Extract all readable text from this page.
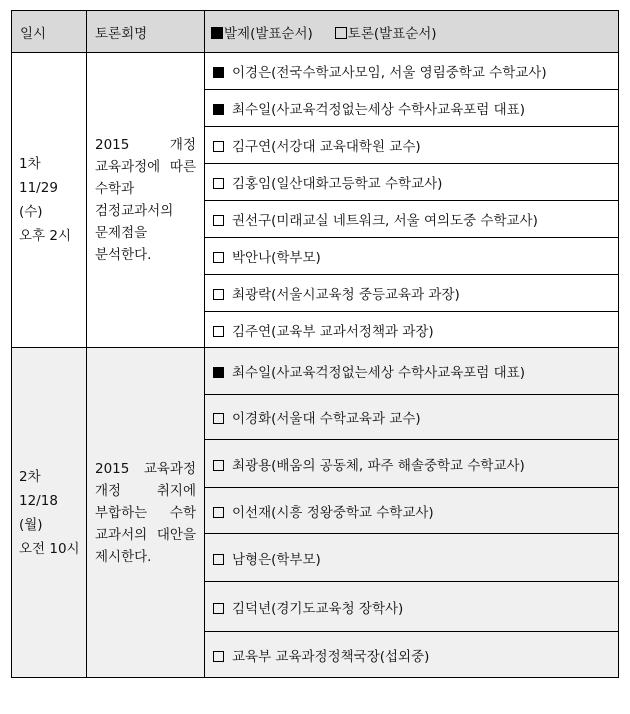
일시	토론회명	발제(발표순서) 토론(발표순서)

1차
11/29
(수)
오후 2시	2015 개정 교육과정에 따른 수학과 검정교과서의 문제점을 분석한다.	이경은(전국수학교사모임, 서울 영림중학교 수학교사)
		최수일(사교육걱정없는세상 수학사교육포럼 대표)
		김구연(서강대 교육대학원 교수)
		김홍임(일산대화고등학교 수학교사)
		권선구(미래교실 네트워크, 서울 여의도중 수학교사)
		박안나(학부모)
		최광락(서울시교육청 중등교육과 과장)
		김주연(교육부 교과서정책과 과장)

2차
12/18
(월)
오전 10시	2015 교육과정 개정 취지에 부합하는 수학 교과서의 대안을 제시한다.	최수일(사교육걱정없는세상 수학사교육포럼 대표)
		이경화(서울대 수학교육과 교수)
		최광용(배움의 공동체, 파주 해솔중학교 수학교사)
		이선재(시흥 정왕중학교 수학교사)
		남형은(학부모)
		김덕년(경기도교육청 장학사)
		교육부 교육과정정책국장(섭외중)
